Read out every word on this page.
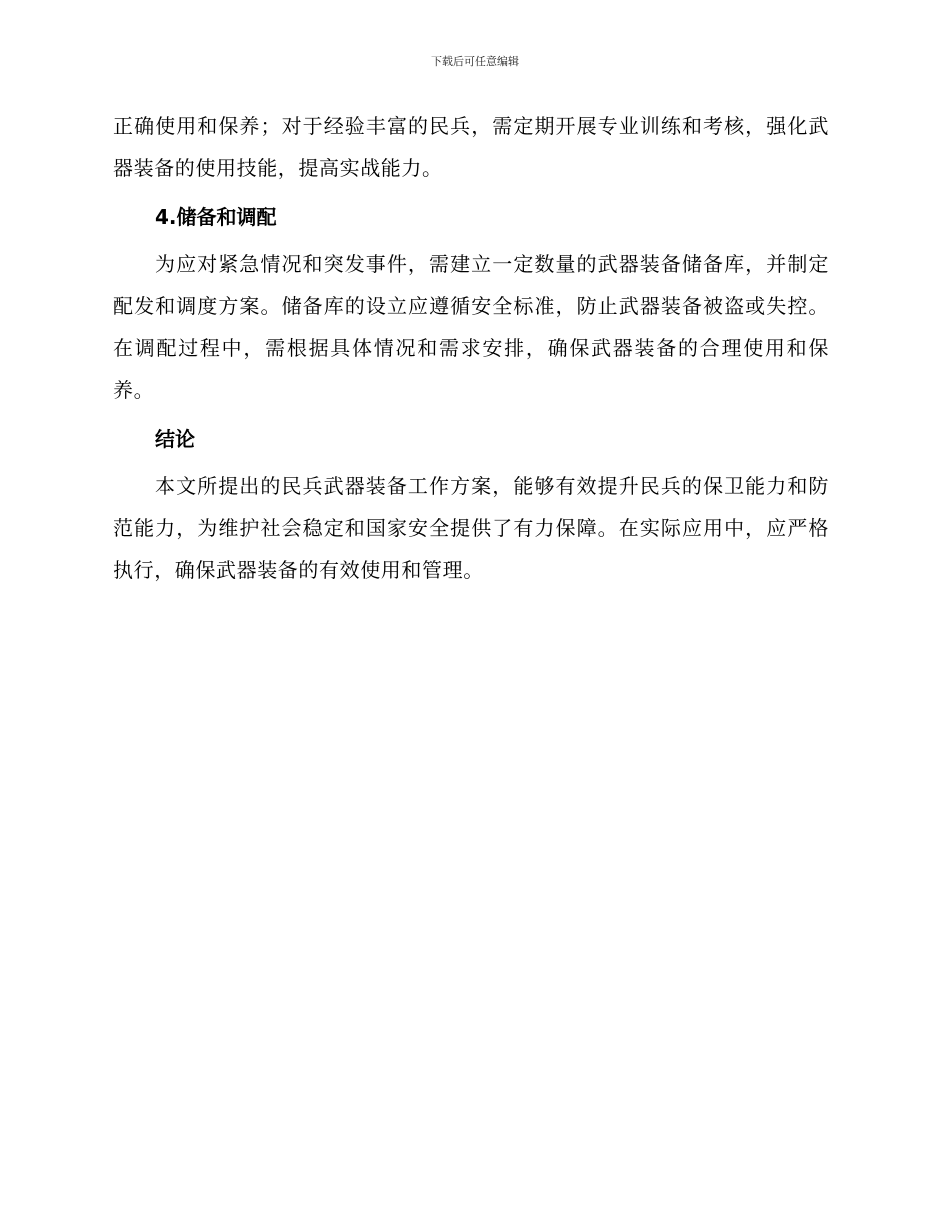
下载后可任意编辑

正确使用和保养；对于经验丰富的民兵，需定期开展专业训练和考核，强化武器装备的使用技能，提高实战能力。

4.储备和调配

为应对紧急情况和突发事件，需建立一定数量的武器装备储备库，并制定配发和调度方案。储备库的设立应遵循安全标准，防止武器装备被盗或失控。在调配过程中，需根据具体情况和需求安排，确保武器装备的合理使用和保养。

结论

本文所提出的民兵武器装备工作方案，能够有效提升民兵的保卫能力和防范能力，为维护社会稳定和国家安全提供了有力保障。在实际应用中，应严格执行，确保武器装备的有效使用和管理。
